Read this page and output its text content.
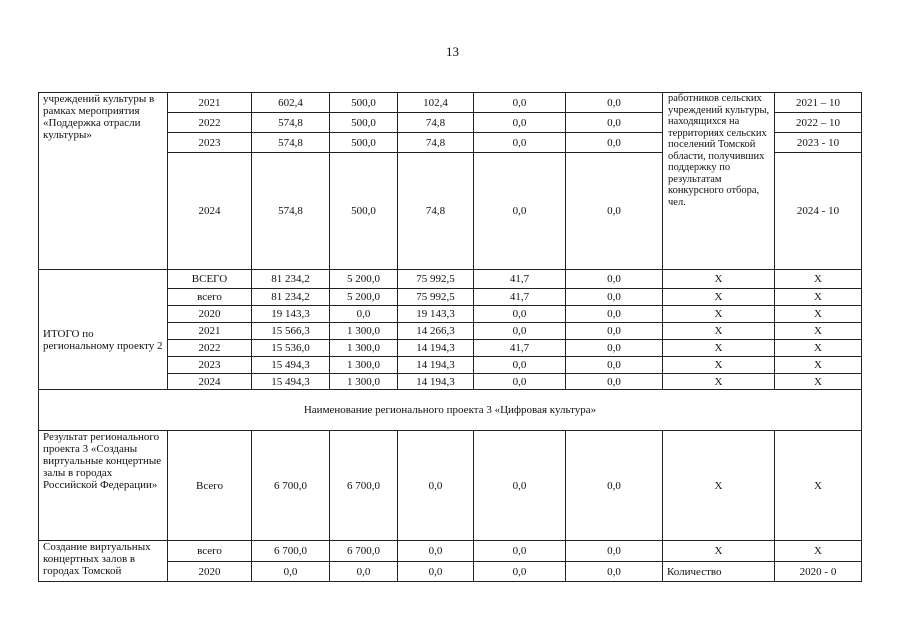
13
учреждений культуры в рамках мероприятия «Поддержка отрасли культуры»	2021	602,4	500,0	102,4	0,0	0,0	работников сельских учреждений культуры, находящихся на территориях сельских поселений Томской области, получивших поддержку по результатам конкурсного отбора, чел.	2021 – 10
	2022	574,8	500,0	74,8	0,0	0,0		2022 – 10
	2023	574,8	500,0	74,8	0,0	0,0		2023 - 10
	2024	574,8	500,0	74,8	0,0	0,0		2024 - 10
ИТОГО по региональному проекту 2	ВСЕГО	81 234,2	5 200,0	75 992,5	41,7	0,0	X	X
	всего	81 234,2	5 200,0	75 992,5	41,7	0,0	X	X
	2020	19 143,3	0,0	19 143,3	0,0	0,0	X	X
	2021	15 566,3	1 300,0	14 266,3	0,0	0,0	X	X
	2022	15 536,0	1 300,0	14 194,3	41,7	0,0	X	X
	2023	15 494,3	1 300,0	14 194,3	0,0	0,0	X	X
	2024	15 494,3	1 300,0	14 194,3	0,0	0,0	X	X
Наименование регионального проекта 3 «Цифровая культура»								
Результат регионального проекта 3 «Созданы виртуальные концертные залы в городах Российской Федерации»	Всего	6 700,0	6 700,0	0,0	0,0	0,0	X	X
Создание виртуальных концертных залов в городах Томской	всего	6 700,0	6 700,0	0,0	0,0	0,0	X	X
	2020	0,0	0,0	0,0	0,0	0,0	Количество	2020 - 0
